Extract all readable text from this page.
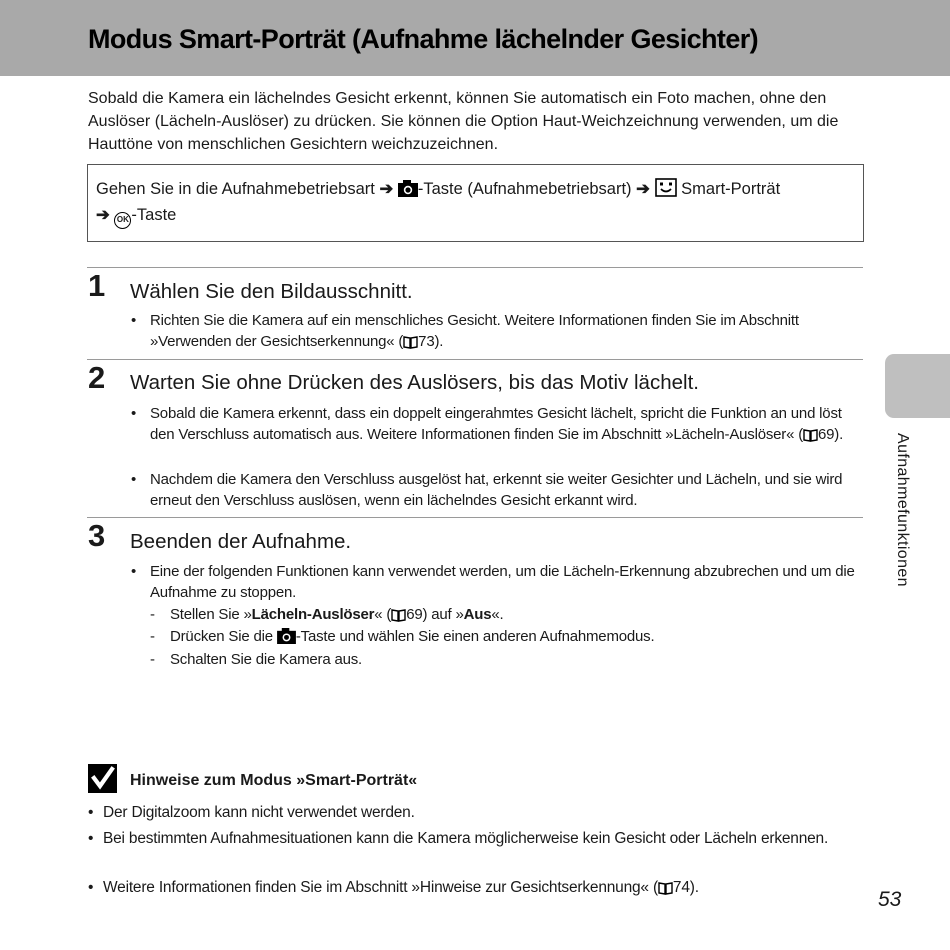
Modus Smart-Porträt (Aufnahme lächelnder Gesichter)

Sobald die Kamera ein lächelndes Gesicht erkennt, können Sie automatisch ein Foto machen, ohne den Auslöser (Lächeln-Auslöser) zu drücken. Sie können die Option Haut-Weichzeichnung verwenden, um die Hauttöne von menschlichen Gesichtern weichzuzeichnen.

Gehen Sie in die Aufnahmebetriebsart ➔ -Taste (Aufnahmebetriebsart) ➔ Smart-Porträt
➔ OK -Taste
1 Wählen Sie den Bildausschnitt.
• Richten Sie die Kamera auf ein menschliches Gesicht. Weitere Informationen finden Sie im Abschnitt »Verwenden der Gesichtserkennung« ( 73).
2 Warten Sie ohne Drücken des Auslösers, bis das Motiv lächelt.
• Sobald die Kamera erkennt, dass ein doppelt eingerahmtes Gesicht lächelt, spricht die Funktion an und löst den Verschluss automatisch aus. Weitere Informationen finden Sie im Abschnitt »Lächeln-Auslöser« ( 69).
• Nachdem die Kamera den Verschluss ausgelöst hat, erkennt sie weiter Gesichter und Lächeln, und sie wird erneut den Verschluss auslösen, wenn ein lächelndes Gesicht erkannt wird.
3 Beenden der Aufnahme.
• Eine der folgenden Funktionen kann verwendet werden, um die Lächeln-Erkennung abzubrechen und um die Aufnahme zu stoppen.
- Stellen Sie »Lächeln-Auslöser« ( 69) auf »Aus«.
- Drücken Sie die -Taste und wählen Sie einen anderen Aufnahmemodus.
- Schalten Sie die Kamera aus.
Aufnahmefunktionen
Hinweise zum Modus »Smart-Porträt«
• Der Digitalzoom kann nicht verwendet werden.
• Bei bestimmten Aufnahmesituationen kann die Kamera möglicherweise kein Gesicht oder Lächeln erkennen.
• Weitere Informationen finden Sie im Abschnitt »Hinweise zur Gesichtserkennung« ( 74).
53
